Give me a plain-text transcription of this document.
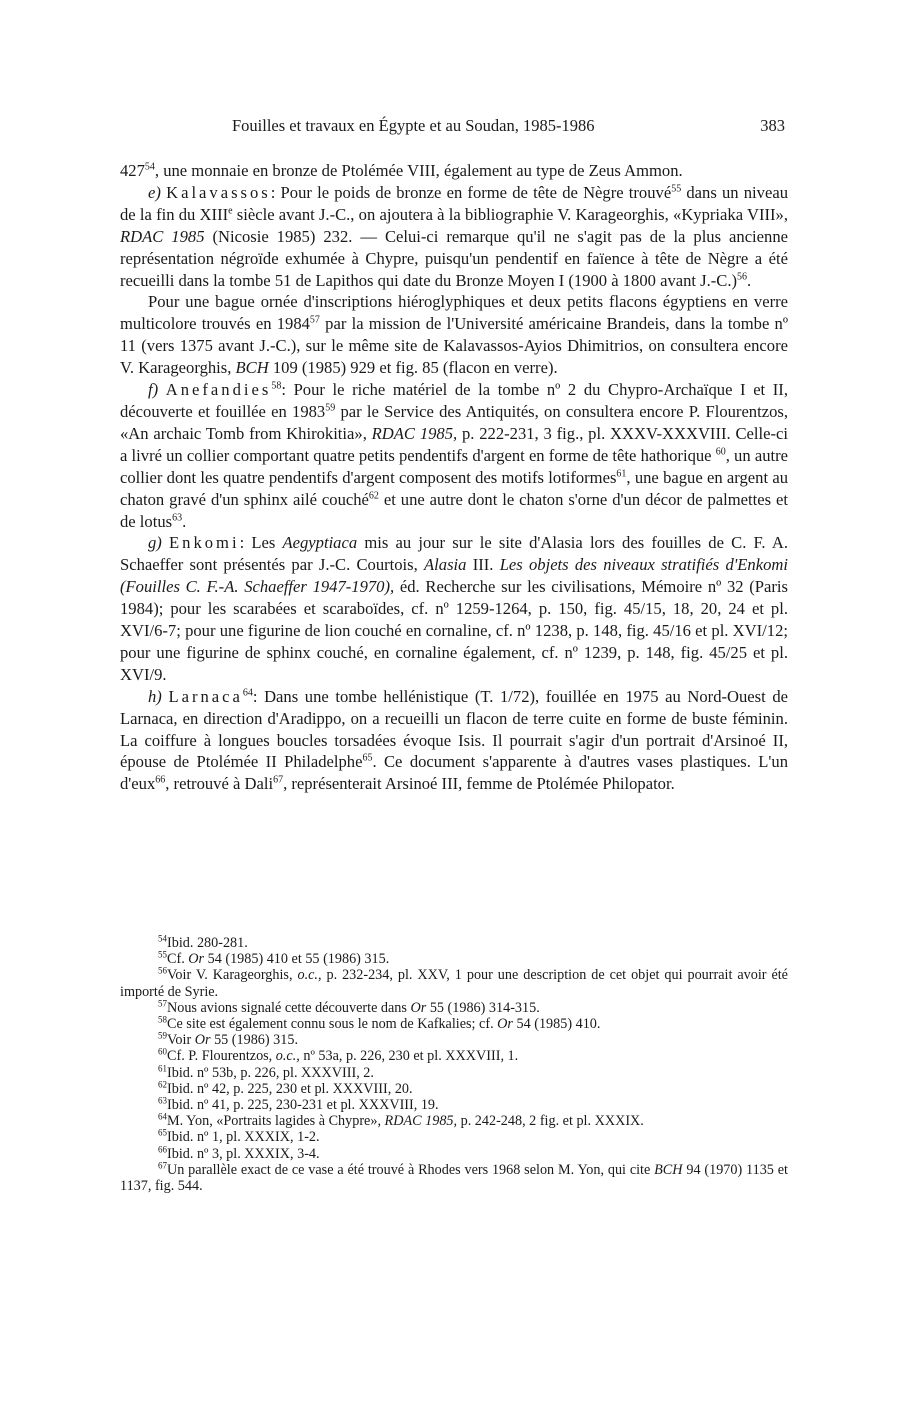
Fouilles et travaux en Égypte et au Soudan, 1985-1986	383

$427^{54}$, une monnaie en bronze de Ptolémée VIII, également au type de Zeus Ammon.

e) Kalavassos: Pour le poids de bronze en forme de tête de Nègre trouvé$^{55}$ dans un niveau de la fin du XIIIe siècle avant J.-C., on ajoutera à la bibliographie V. Karageorghis, «Kypriaka VIII», RDAC 1985 (Nicosie 1985) 232. — Celui-ci remarque qu'il ne s'agit pas de la plus ancienne représentation négroïde exhumée à Chypre, puisqu'un pendentif en faïence à tête de Nègre a été recueilli dans la tombe 51 de Lapithos qui date du Bronze Moyen I (1900 à 1800 avant J.-C.)$^{56}$.

Pour une bague ornée d'inscriptions hiéroglyphiques et deux petits flacons égyptiens en verre multicolore trouvés en 1984$^{57}$ par la mission de l'Université américaine Brandeis, dans la tombe nº 11 (vers 1375 avant J.-C.), sur le même site de Kalavassos-Ayios Dhimitrios, on consultera encore V. Karageorghis, BCH 109 (1985) 929 et fig. 85 (flacon en verre).

f) Anefandies$^{58}$: Pour le riche matériel de la tombe nº 2 du Chypro-Archaïque I et II, découverte et fouillée en 1983$^{59}$ par le Service des Antiquités, on consultera encore P. Flourentzos, «An archaic Tomb from Khirokitia», RDAC 1985, p. 222-231, 3 fig., pl. XXXV-XXXVIII. Celle-ci a livré un collier comportant quatre petits pendentifs d'argent en forme de tête hathorique $^{60}$, un autre collier dont les quatre pendentifs d'argent composent des motifs lotiformes$^{61}$, une bague en argent au chaton gravé d'un sphinx ailé couché$^{62}$ et une autre dont le chaton s'orne d'un décor de palmettes et de lotus$^{63}$.

g) Enkomi: Les Aegyptiaca mis au jour sur le site d'Alasia lors des fouilles de C. F. A. Schaeffer sont présentés par J.-C. Courtois, Alasia III. Les objets des niveaux stratifiés d'Enkomi (Fouilles C. F.-A. Schaeffer 1947-1970), éd. Recherche sur les civilisations, Mémoire nº 32 (Paris 1984); pour les scarabées et scaraboïdes, cf. nº 1259-1264, p. 150, fig. 45/15, 18, 20, 24 et pl. XVI/6-7; pour une figurine de lion couché en cornaline, cf. nº 1238, p. 148, fig. 45/16 et pl. XVI/12; pour une figurine de sphinx couché, en cornaline également, cf. nº 1239, p. 148, fig. 45/25 et pl. XVI/9.

h) Larnaca$^{64}$: Dans une tombe hellénistique (T. 1/72), fouillée en 1975 au Nord-Ouest de Larnaca, en direction d'Aradippo, on a recueilli un flacon de terre cuite en forme de buste féminin. La coiffure à longues boucles torsadées évoque Isis. Il pourrait s'agir d'un portrait d'Arsinoé II, épouse de Ptolémée II Philadelphe$^{65}$. Ce document s'apparente à d'autres vases plastiques. L'un d'eux$^{66}$, retrouvé à Dali$^{67}$, représenterait Arsinoé III, femme de Ptolémée Philopator.

$^{54}$Ibid. 280-281.

$^{55}$Cf. Or 54 (1985) 410 et 55 (1986) 315.

$^{56}$Voir V. Karageorghis, o.c., p. 232-234, pl. XXV, 1 pour une description de cet objet qui pourrait avoir été importé de Syrie.

$^{57}$Nous avions signalé cette découverte dans Or 55 (1986) 314-315.

$^{58}$Ce site est également connu sous le nom de Kafkalies; cf. Or 54 (1985) 410.

$^{59}$Voir Or 55 (1986) 315.

$^{60}$Cf. P. Flourentzos, o.c., nº 53a, p. 226, 230 et pl. XXXVIII, 1.

$^{61}$Ibid. nº 53b, p. 226, pl. XXXVIII, 2.

$^{62}$Ibid. nº 42, p. 225, 230 et pl. XXXVIII, 20.

$^{63}$Ibid. nº 41, p. 225, 230-231 et pl. XXXVIII, 19.

$^{64}$M. Yon, «Portraits lagides à Chypre», RDAC 1985, p. 242-248, 2 fig. et pl. XXXIX.

$^{65}$Ibid. nº 1, pl. XXXIX, 1-2.

$^{66}$Ibid. nº 3, pl. XXXIX, 3-4.

$^{67}$Un parallèle exact de ce vase a été trouvé à Rhodes vers 1968 selon M. Yon, qui cite BCH 94 (1970) 1135 et 1137, fig. 544.
